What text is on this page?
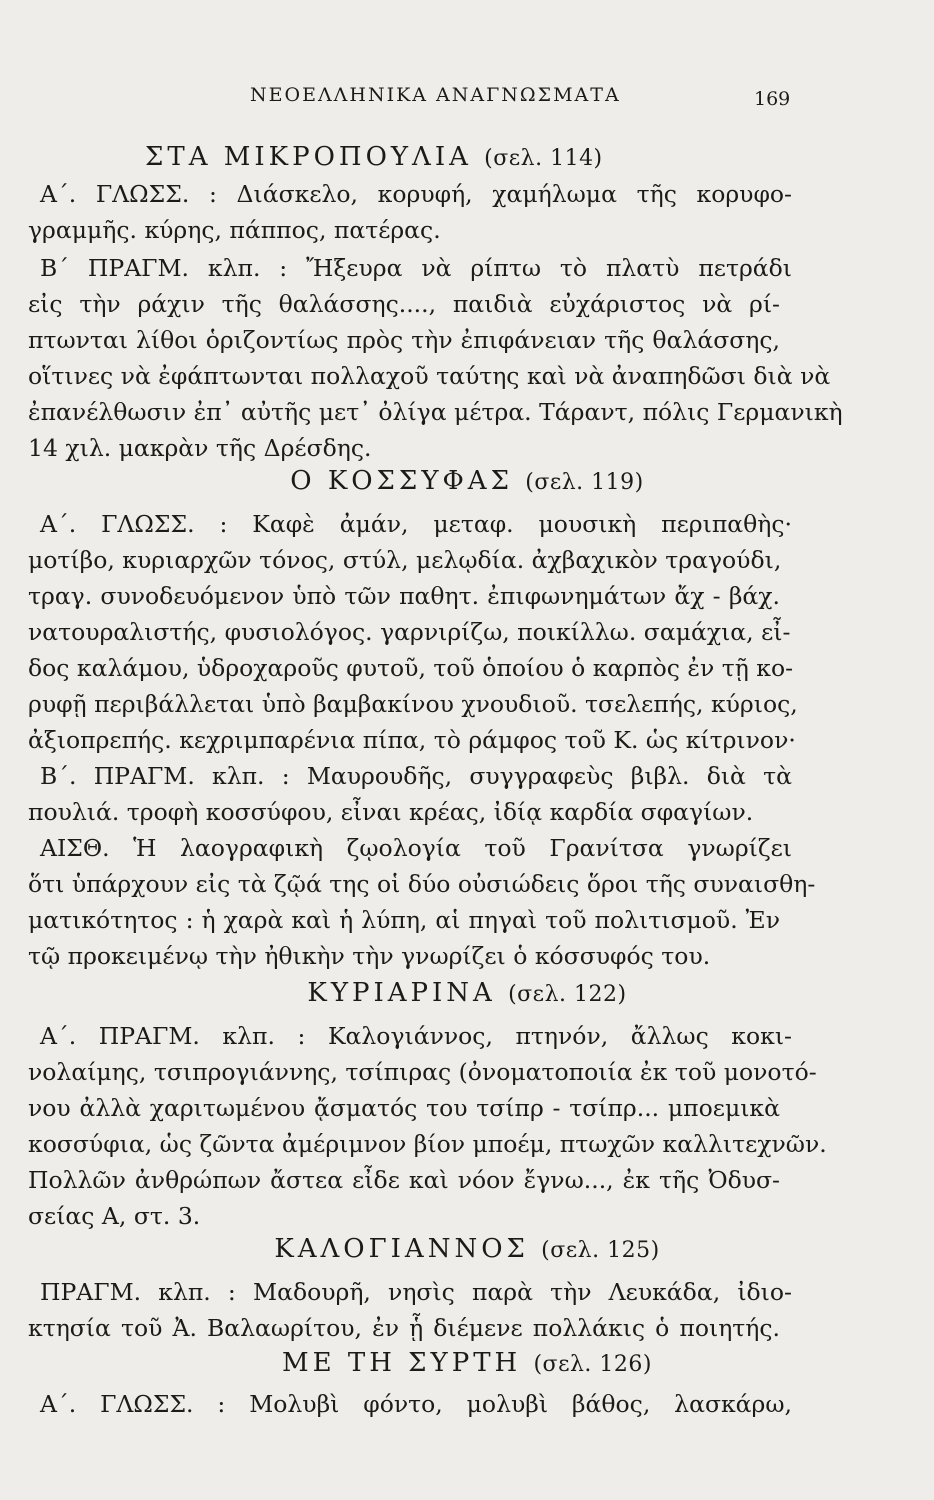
ΝΕΟΕΛΛΗΝΙΚΑ ΑΝΑΓΝΩΣΜΑΤΑ	169
ΣΤΑ ΜΙΚΡΟΠΟΥΛΙΑ (σελ. 114)
Α΄. ΓΛΩΣΣ. : Διάσκελο, κορυφή, χαμήλωμα τῆς κορυφο-
γραμμῆς. κύρης, πάππος, πατέρας.
Β΄ ΠΡΑΓΜ. κλπ. : Ἤξευρα νὰ ρίπτω τὸ πλατὺ πετράδι
εἰς τὴν ράχιν τῆς θαλάσσης...., παιδιὰ εὐχάριστος νὰ ρί-
πτωνται λίθοι ὁριζοντίως πρὸς τὴν ἐπιφάνειαν τῆς θαλάσσης,
οἵτινες νὰ ἐφάπτωνται πολλαχοῦ ταύτης καὶ νὰ ἀναπηδῶσι διὰ νὰ
ἐπανέλθωσιν ἐπ᾽ αὐτῆς μετ᾽ ὀλίγα μέτρα. Τάραντ, πόλις Γερμανικὴ
14 χιλ. μακρὰν τῆς Δρέσδης.
Ο ΚΟΣΣΥΦΑΣ (σελ. 119)
Α΄. ΓΛΩΣΣ. : Καφὲ ἀμάν, μεταφ. μουσικὴ περιπαθὴς·
μοτίβο, κυριαρχῶν τόνος, στύλ, μελῳδία. ἀχβαχικὸν τραγούδι,
τραγ. συνοδευόμενον ὑπὸ τῶν παθητ. ἐπιφωνημάτων ἄχ - βάχ.
νατουραλιστής, φυσιολόγος. γαρνιρίζω, ποικίλλω. σαμάχια, εἶ-
δος καλάμου, ὑδροχαροῦς φυτοῦ, τοῦ ὁποίου ὁ καρπὸς ἐν τῇ κο-
ρυφῇ περιβάλλεται ὑπὸ βαμβακίνου χνουδιοῦ. τσελεπής, κύριος,
ἀξιοπρεπής. κεχριμπαρένια πίπα, τὸ ράμφος τοῦ Κ. ὡς κίτρινον·
Β΄. ΠΡΑΓΜ. κλπ. : Μαυρουδῆς, συγγραφεὺς βιβλ. διὰ τὰ
πουλιά. τροφὴ κοσσύφου, εἶναι κρέας, ἰδίᾳ καρδία σφαγίων.
ΑΙΣΘ. Ἡ λαογραφικὴ ζῳολογία τοῦ Γρανίτσα γνωρίζει
ὅτι ὑπάρχουν εἰς τὰ ζῷά της οἱ δύο οὐσιώδεις ὅροι τῆς συναισθη-
ματικότητος : ἡ χαρὰ καὶ ἡ λύπη, αἱ πηγαὶ τοῦ πολιτισμοῦ. Ἐν
τῷ προκειμένῳ τὴν ἠθικὴν τὴν γνωρίζει ὁ κόσσυφός του.
ΚΥΡΙΑΡΙΝΑ (σελ. 122)
Α΄. ΠΡΑΓΜ. κλπ. : Καλογιάννος, πτηνόν, ἄλλως κοκι-
νολαίμης, τσιπρογιάννης, τσίπιρας (ὀνοματοποιία ἐκ τοῦ μονοτό-
νου ἀλλὰ χαριτωμένου ᾄσματός του τσίπρ - τσίπρ... μποεμικὰ
κοσσύφια, ὡς ζῶντα ἀμέριμνον βίον μποέμ, πτωχῶν καλλιτεχνῶν.
Πολλῶν ἀνθρώπων ἄστεα εἶδε καὶ νόον ἔγνω..., ἐκ τῆς Ὀδυσ-
σείας Α, στ. 3.
ΚΑΛΟΓΙΑΝΝΟΣ (σελ. 125)
ΠΡΑΓΜ. κλπ. : Μαδουρῆ, νησὶς παρὰ τὴν Λευκάδα, ἰδιο-
κτησία τοῦ Ἀ. Βαλαωρίτου, ἐν ᾗ διέμενε πολλάκις ὁ ποιητής.
ΜΕ ΤΗ ΣΥΡΤΗ (σελ. 126)
Α΄. ΓΛΩΣΣ. : Μολυβὶ φόντο, μολυβὶ βάθος, λασκάρω,
